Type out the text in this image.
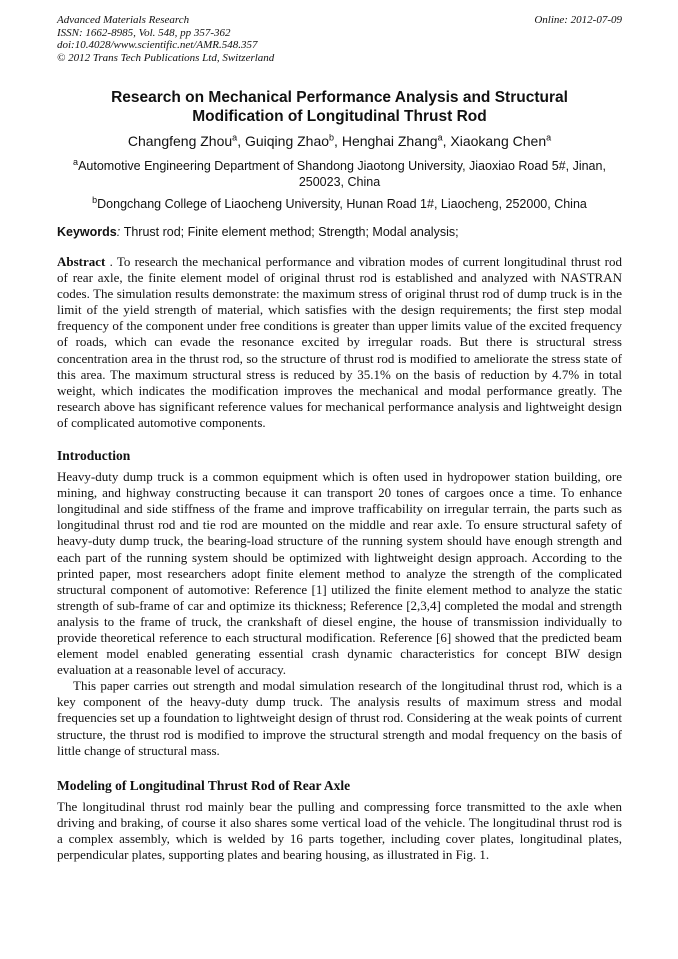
Advanced Materials Research
ISSN: 1662-8985, Vol. 548, pp 357-362
doi:10.4028/www.scientific.net/AMR.548.357
© 2012 Trans Tech Publications Ltd, Switzerland
Online: 2012-07-09
Research on Mechanical Performance Analysis and Structural Modification of Longitudinal Thrust Rod
Changfeng Zhou$^a$, Guiqing Zhao$^b$, Henghai Zhang$^a$, Xiaokang Chen$^a$
$^a$Automotive Engineering Department of Shandong Jiaotong University, Jiaoxiao Road 5#, Jinan, 250023, China
$^b$Dongchang College of Liaocheng University, Hunan Road 1#, Liaocheng, 252000, China
Keywords: Thrust rod; Finite element method; Strength; Modal analysis;

Abstract . To research the mechanical performance and vibration modes of current longitudinal thrust rod of rear axle, the finite element model of original thrust rod is established and analyzed with NASTRAN codes. The simulation results demonstrate: the maximum stress of original thrust rod of dump truck is in the limit of the yield strength of material, which satisfies with the design requirements; the first step modal frequency of the component under free conditions is greater than upper limits value of the excited frequency of roads, which can evade the resonance excited by irregular roads. But there is structural stress concentration area in the thrust rod, so the structure of thrust rod is modified to ameliorate the stress state of this area. The maximum structural stress is reduced by 35.1% on the basis of reduction by 4.7% in total weight, which indicates the modification improves the mechanical and modal performance greatly. The research above has significant reference values for mechanical performance analysis and lightweight design of complicated automotive components.

Introduction

Heavy-duty dump truck is a common equipment which is often used in hydropower station building, ore mining, and highway constructing because it can transport 20 tones of cargoes once a time. To enhance longitudinal and side stiffness of the frame and improve trafficability on irregular terrain, the parts such as longitudinal thrust rod and tie rod are mounted on the middle and rear axle. To ensure structural safety of heavy-duty dump truck, the bearing-load structure of the running system should have enough strength and each part of the running system should be optimized with lightweight design approach. According to the printed paper, most researchers adopt finite element method to analyze the strength of the complicated structural component of automotive: Reference [1] utilized the finite element method to analyze the static strength of sub-frame of car and optimize its thickness; Reference [2,3,4] completed the modal and strength analysis to the frame of truck, the crankshaft of diesel engine, the house of transmission individually to provide theoretical reference to each structural modification. Reference [6] showed that the predicted beam element model enabled generating essential crash dynamic characteristics for concept BIW design evaluation at a reasonable level of accuracy.

This paper carries out strength and modal simulation research of the longitudinal thrust rod, which is a key component of the heavy-duty dump truck. The analysis results of maximum stress and modal frequencies set up a foundation to lightweight design of thrust rod. Considering at the weak points of current structure, the thrust rod is modified to improve the structural strength and modal frequency on the basis of little change of structural mass.

Modeling of Longitudinal Thrust Rod of Rear Axle

The longitudinal thrust rod mainly bear the pulling and compressing force transmitted to the axle when driving and braking, of course it also shares some vertical load of the vehicle. The longitudinal thrust rod is a complex assembly, which is welded by 16 parts together, including cover plates, longitudinal plates, perpendicular plates, supporting plates and bearing housing, as illustrated in Fig. 1.
